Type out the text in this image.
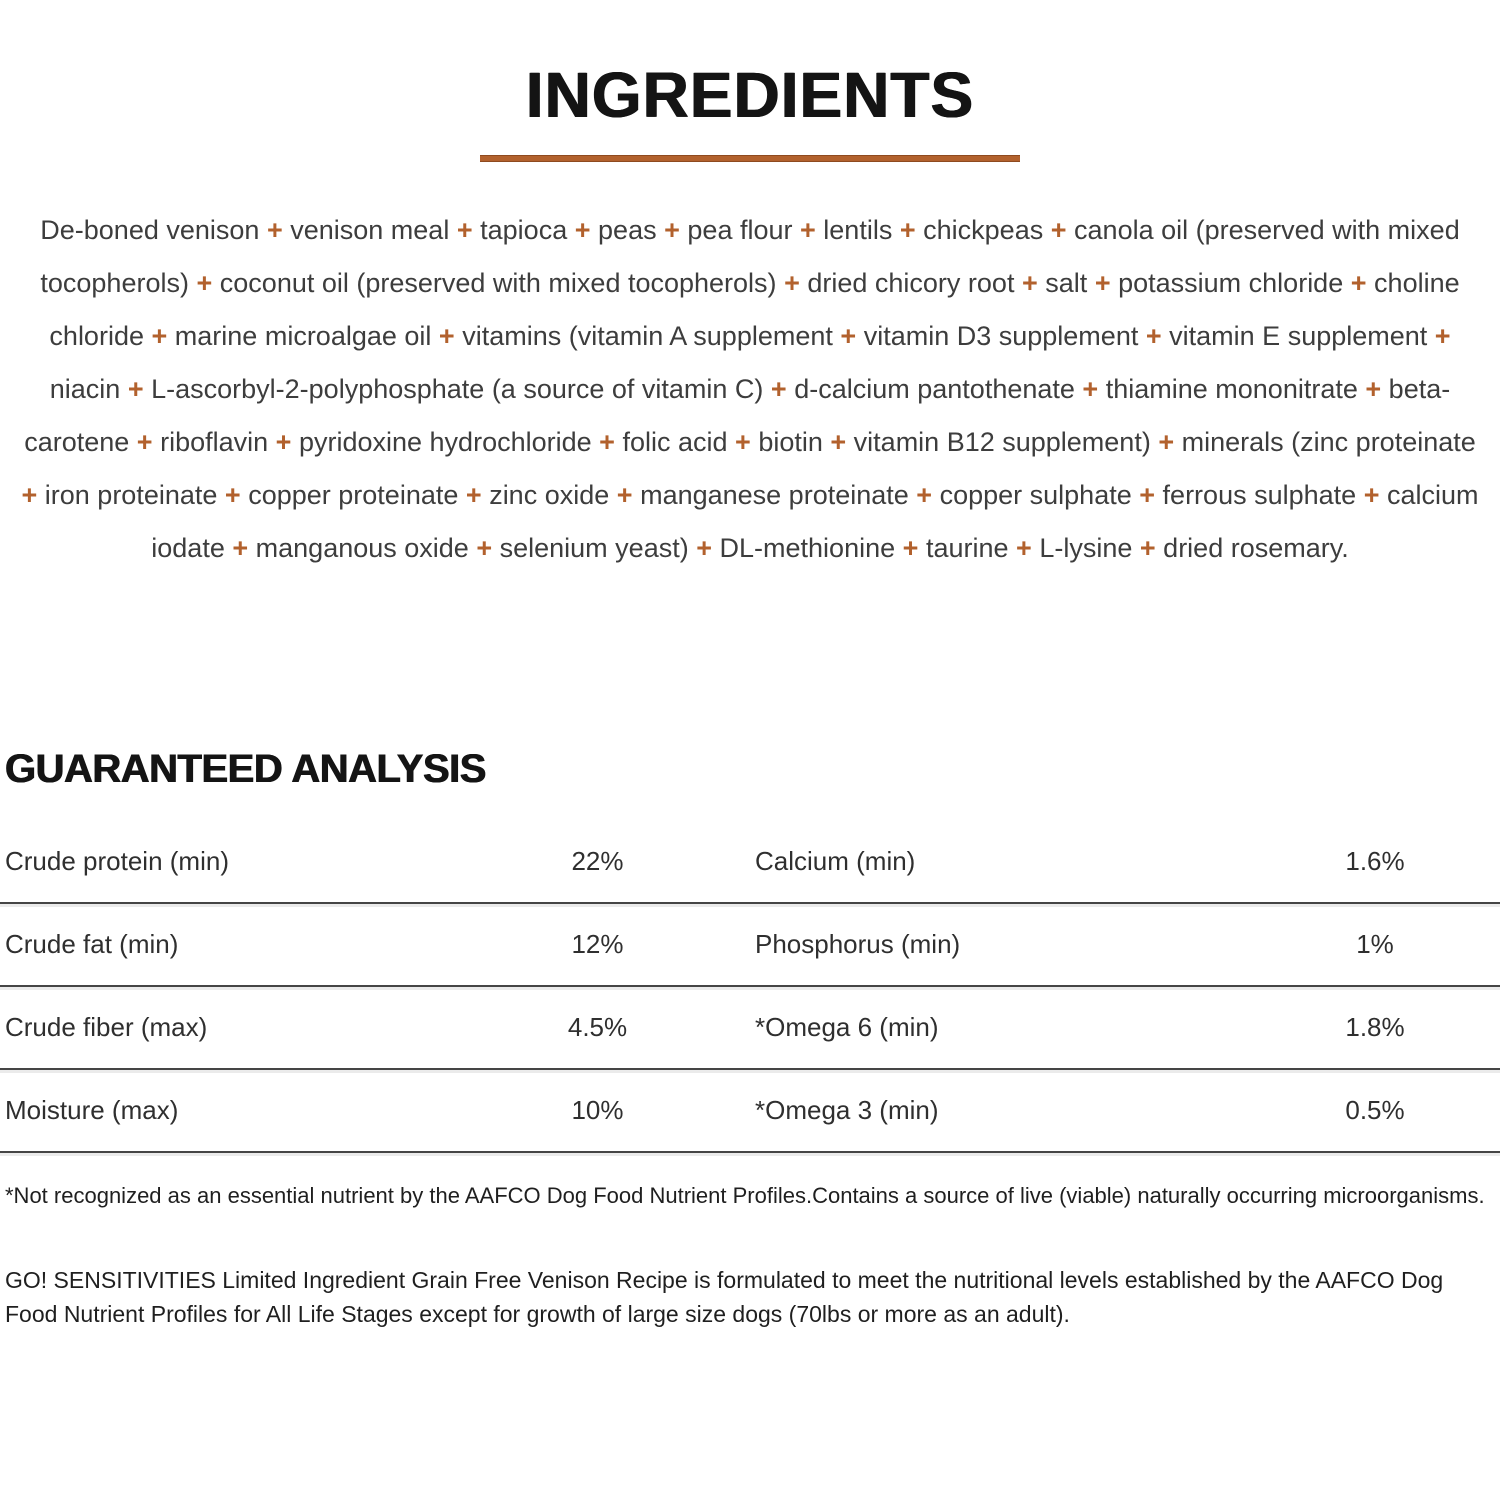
INGREDIENTS

De-boned venison + venison meal + tapioca + peas + pea flour + lentils + chickpeas + canola oil (preserved with mixed tocopherols) + coconut oil (preserved with mixed tocopherols) + dried chicory root + salt + potassium chloride + choline chloride + marine microalgae oil + vitamins (vitamin A supplement + vitamin D3 supplement + vitamin E supplement + niacin + L-ascorbyl-2-polyphosphate (a source of vitamin C) + d-calcium pantothenate + thiamine mononitrate + beta-carotene + riboflavin + pyridoxine hydrochloride + folic acid + biotin + vitamin B12 supplement) + minerals (zinc proteinate + iron proteinate + copper proteinate + zinc oxide + manganese proteinate + copper sulphate + ferrous sulphate + calcium iodate + manganous oxide + selenium yeast) + DL-methionine + taurine + L-lysine + dried rosemary.

GUARANTEED ANALYSIS
Crude protein (min)	22%	Calcium (min)	1.6%
Crude fat (min)	12%	Phosphorus (min)	1%
Crude fiber (max)	4.5%	*Omega 6 (min)	1.8%
Moisture (max)	10%	*Omega 3 (min)	0.5%

*Not recognized as an essential nutrient by the AAFCO Dog Food Nutrient Profiles.Contains a source of live (viable) naturally occurring microorganisms.

GO! SENSITIVITIES Limited Ingredient Grain Free Venison Recipe is formulated to meet the nutritional levels established by the AAFCO Dog Food Nutrient Profiles for All Life Stages except for growth of large size dogs (70lbs or more as an adult).
